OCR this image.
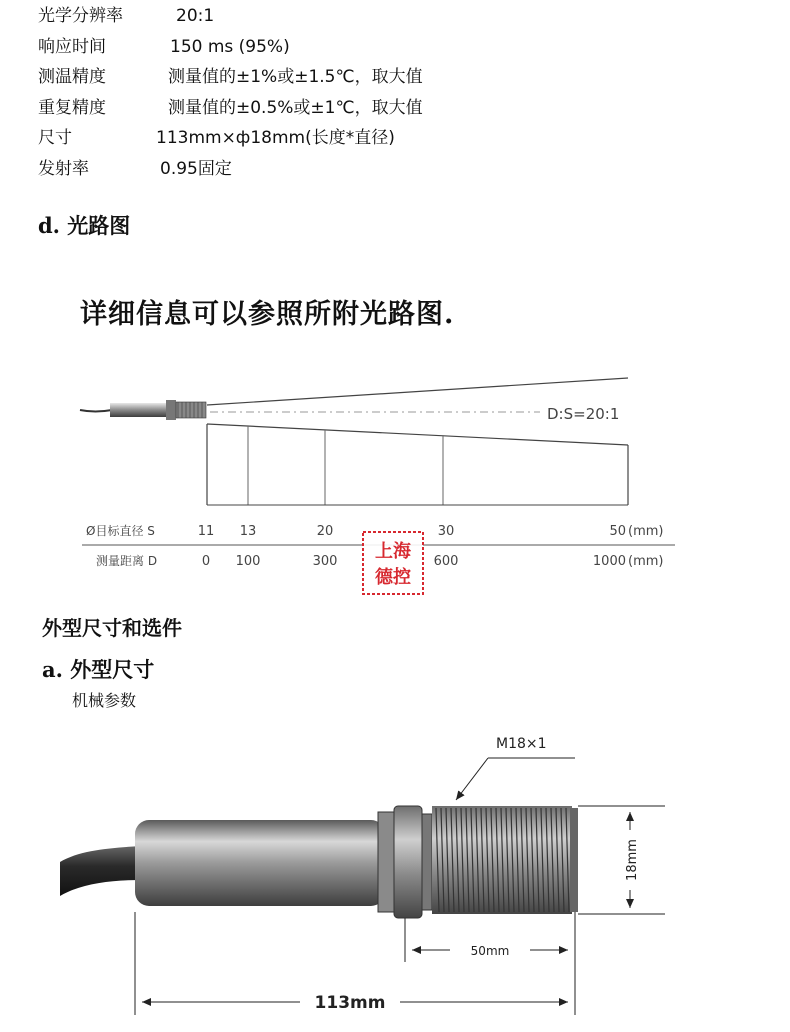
光学分辨率	20:1
响应时间	150 ms (95%)
测温精度	测量值的±1%或±1.5℃，取大值
重复精度	测量值的±0.5%或±1℃，取大值
尺寸	113mm×ф18mm(长度*直径)
发射率	0.95固定
d. 光路图
详细信息可以参照所附光路图.
D:S=20:1
Ø目标直径 S	11 13	20	30	50 (mm)
测量距离 D	0 100	300	600	1000 (mm)
上海
德控
外型尺寸和选件
a. 外型尺寸
机械参数
M18×1
18mm
50mm
113mm
